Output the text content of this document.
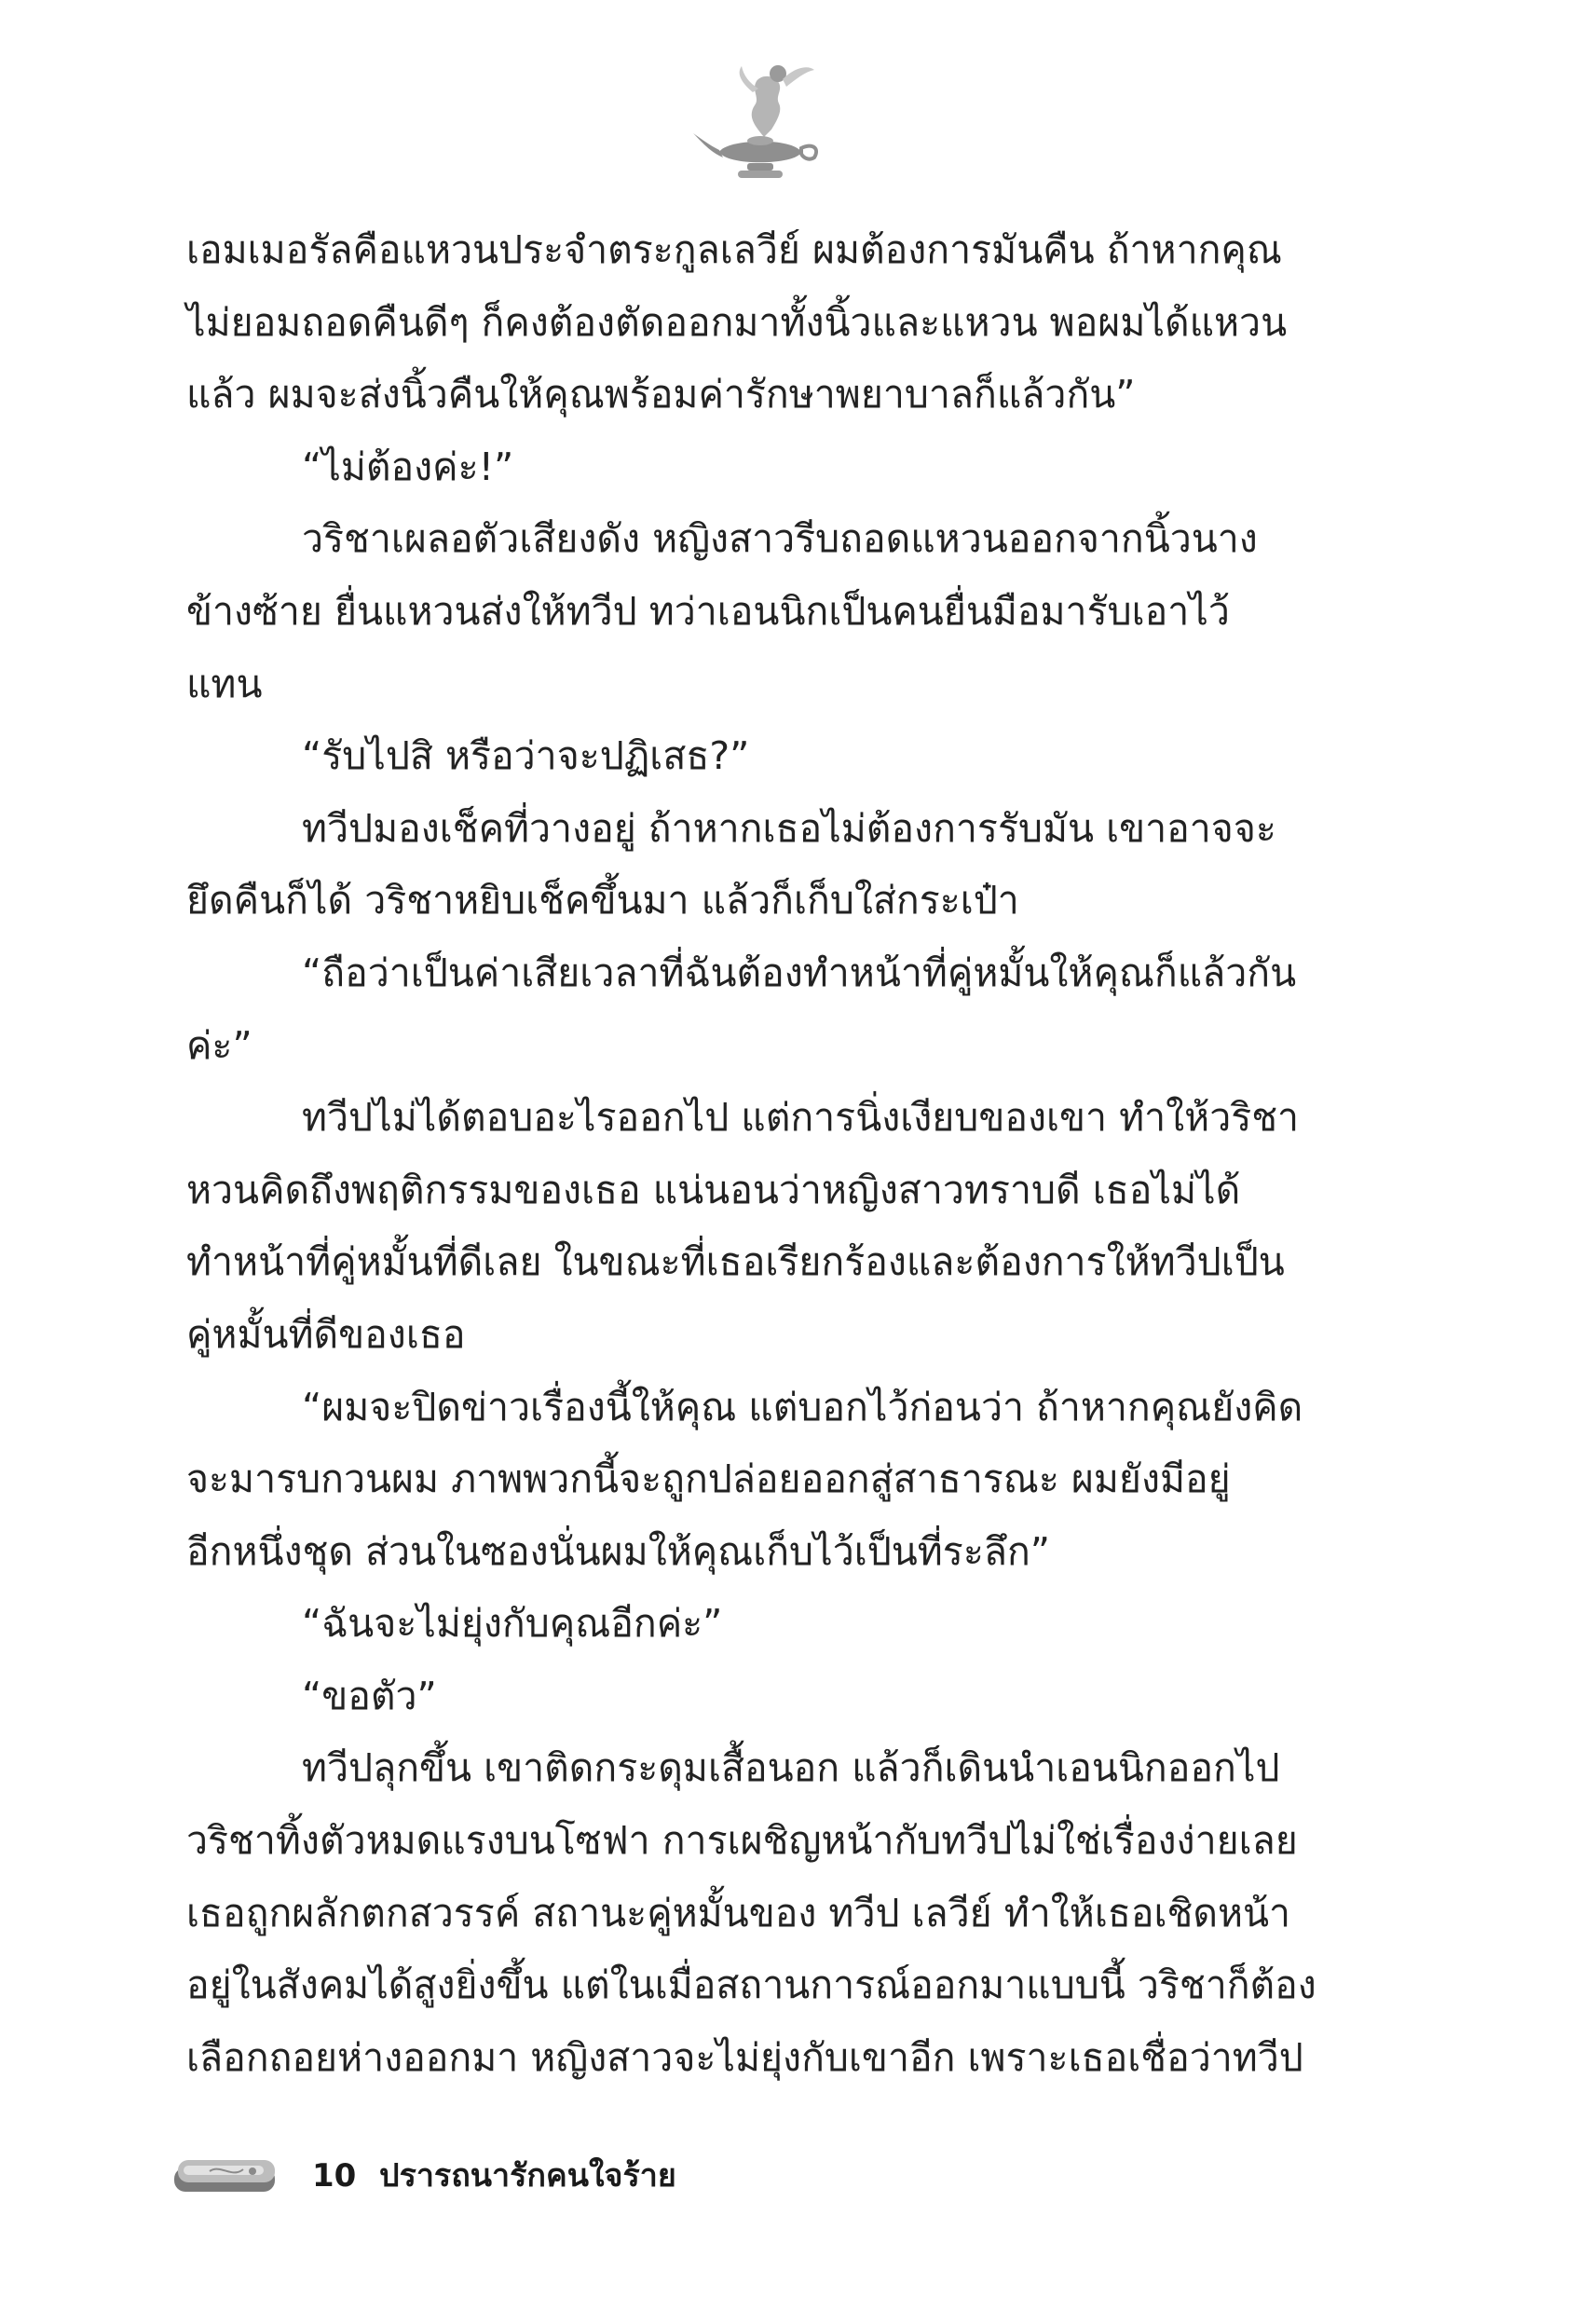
เอมเมอรัลคือแหวนประจำตระกูลเลวีย์ ผมต้องการมันคืน ถ้าหากคุณ
ไม่ยอมถอดคืนดีๆ ก็คงต้องตัดออกมาทั้งนิ้วและแหวน พอผมได้แหวน
แล้ว ผมจะส่งนิ้วคืนให้คุณพร้อมค่ารักษาพยาบาลก็แล้วกัน”
“ไม่ต้องค่ะ!”
วริชาเผลอตัวเสียงดัง หญิงสาวรีบถอดแหวนออกจากนิ้วนาง
ข้างซ้าย ยื่นแหวนส่งให้ทวีป ทว่าเอนนิกเป็นคนยื่นมือมารับเอาไว้
แทน
“รับไปสิ หรือว่าจะปฏิเสธ?”
ทวีปมองเช็คที่วางอยู่ ถ้าหากเธอไม่ต้องการรับมัน เขาอาจจะ
ยึดคืนก็ได้ วริชาหยิบเช็คขึ้นมา แล้วก็เก็บใส่กระเป๋า
“ถือว่าเป็นค่าเสียเวลาที่ฉันต้องทำหน้าที่คู่หมั้นให้คุณก็แล้วกัน
ค่ะ”
ทวีปไม่ได้ตอบอะไรออกไป แต่การนิ่งเงียบของเขา ทำให้วริชา
หวนคิดถึงพฤติกรรมของเธอ แน่นอนว่าหญิงสาวทราบดี เธอไม่ได้
ทำหน้าที่คู่หมั้นที่ดีเลย ในขณะที่เธอเรียกร้องและต้องการให้ทวีปเป็น
คู่หมั้นที่ดีของเธอ
“ผมจะปิดข่าวเรื่องนี้ให้คุณ แต่บอกไว้ก่อนว่า ถ้าหากคุณยังคิด
จะมารบกวนผม ภาพพวกนี้จะถูกปล่อยออกสู่สาธารณะ ผมยังมีอยู่
อีกหนึ่งชุด ส่วนในซองนั่นผมให้คุณเก็บไว้เป็นที่ระลึก”
“ฉันจะไม่ยุ่งกับคุณอีกค่ะ”
“ขอตัว”
ทวีปลุกขึ้น เขาติดกระดุมเสื้อนอก แล้วก็เดินนำเอนนิกออกไป
วริชาทิ้งตัวหมดแรงบนโซฟา การเผชิญหน้ากับทวีปไม่ใช่เรื่องง่ายเลย
เธอถูกผลักตกสวรรค์ สถานะคู่หมั้นของ ทวีป เลวีย์ ทำให้เธอเชิดหน้า
อยู่ในสังคมได้สูงยิ่งขึ้น แต่ในเมื่อสถานการณ์ออกมาแบบนี้ วริชาก็ต้อง
เลือกถอยห่างออกมา หญิงสาวจะไม่ยุ่งกับเขาอีก เพราะเธอเชื่อว่าทวีป
10 ปรารถนารักคนใจร้าย
